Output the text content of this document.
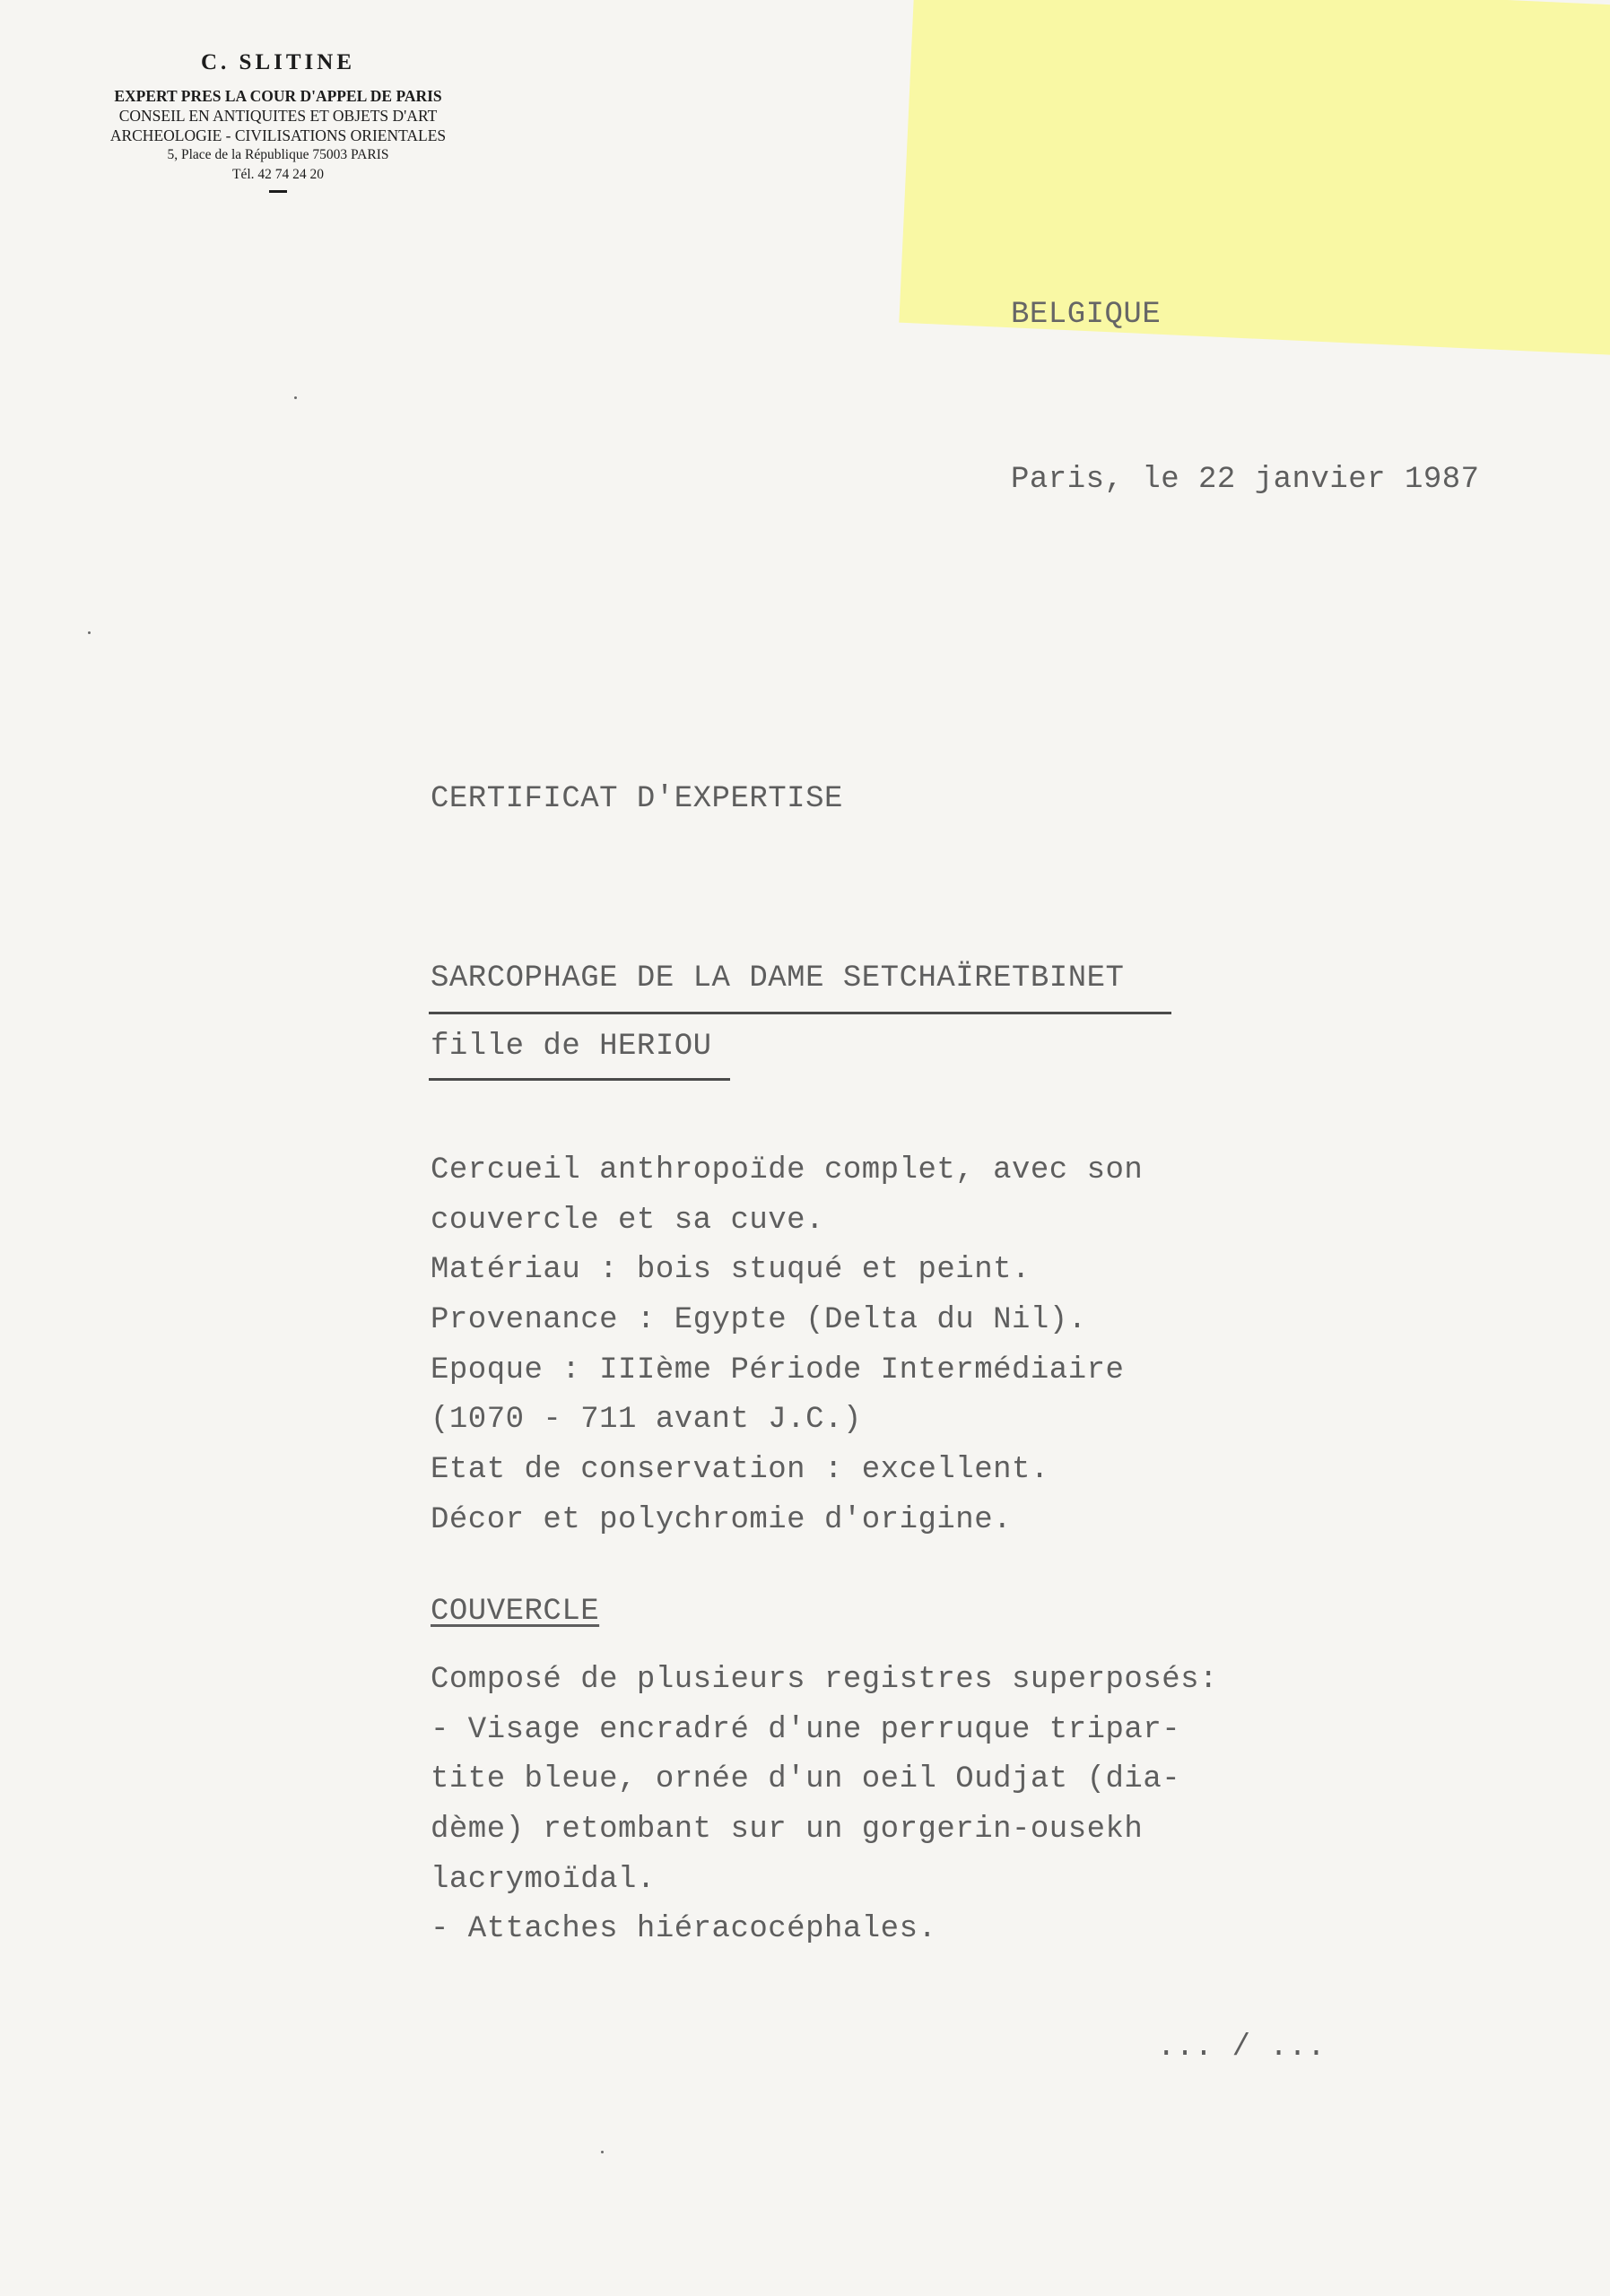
C. SLITINE
EXPERT PRES LA COUR D'APPEL DE PARIS
CONSEIL EN ANTIQUITES ET OBJETS D'ART
ARCHEOLOGIE - CIVILISATIONS ORIENTALES
5, Place de la République 75003 PARIS
Tél. 42 74 24 20
BELGIQUE
Paris, le 22 janvier 1987
CERTIFICAT D'EXPERTISE
SARCOPHAGE DE LA DAME SETCHAÏRETBINET
fille de HERIOU
Cercueil anthropoïde complet, avec son
couvercle et sa cuve.
Matériau : bois stuqué et peint.
Provenance : Egypte (Delta du Nil).
Epoque : IIIème Période Intermédiaire
(1070 - 711 avant J.C.)
Etat de conservation : excellent.
Décor et polychromie d'origine.
COUVERCLE
Composé de plusieurs registres superposés:
- Visage encradré d'une perruque tripar-
tite bleue, ornée d'un oeil Oudjat (dia-
dème) retombant sur un gorgerin-ousekh
lacrymoïdal.
- Attaches hiéracocéphales.
... / ...
